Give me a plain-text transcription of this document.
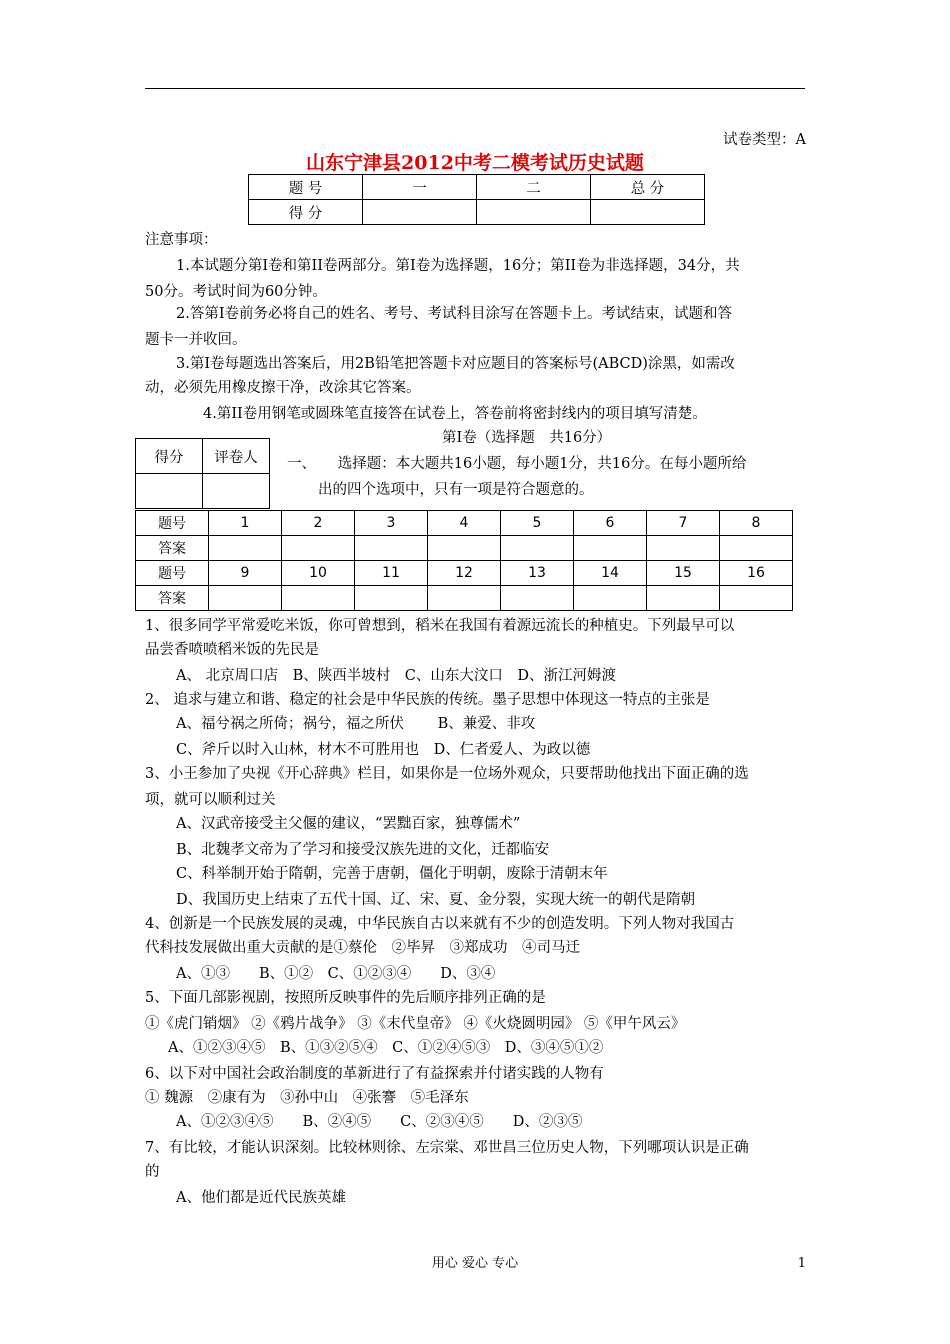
试卷类型：A
山东宁津县2012中考二模考试历史试题
题 号	一	二	总 分
得 分			
注意事项：
1.本试题分第I卷和第II卷两部分。第I卷为选择题，16分；第II卷为非选择题，34分，共
50分。考试时间为60分钟。
2.答第I卷前务必将自己的姓名、考号、考试科目涂写在答题卡上。考试结束，试题和答
题卡一并收回。
3.第I卷每题选出答案后，用2B铅笔把答题卡对应题目的答案标号(ABCD)涂黑，如需改
动，必须先用橡皮擦干净，改涂其它答案。
4.第II卷用钢笔或圆珠笔直接答在试卷上，答卷前将密封线内的项目填写清楚。
得分	评卷人

第Ⅰ卷（选择题　共16分）
一、　　选择题：本大题共16小题，每小题1分，共16分。在每小题所给
出的四个选项中，只有一项是符合题意的。
题号	1	2	3	4	5	6	7	8
答案								
题号	9	10	11	12	13	14	15	16
答案								
1、很多同学平常爱吃米饭，你可曾想到，稻米在我国有着源远流长的种植史。下列最早可以
品尝香喷喷稻米饭的先民是
A、 北京周口店　B、陕西半坡村　C、山东大汶口　D、浙江河姆渡
2、 追求与建立和谐、稳定的社会是中华民族的传统。墨子思想中体现这一特点的主张是
A、福兮祸之所倚；祸兮，福之所伏　　 B、兼爱、非攻
C、斧斤以时入山林，材木不可胜用也　D、仁者爱人、为政以德
3、小王参加了央视《开心辞典》栏目，如果你是一位场外观众，只要帮助他找出下面正确的选
项，就可以顺利过关
A、汉武帝接受主父偃的建议，“罢黜百家，独尊儒术”
B、北魏孝文帝为了学习和接受汉族先进的文化，迁都临安
C、科举制开始于隋朝，完善于唐朝，僵化于明朝，废除于清朝末年
D、我国历史上结束了五代十国、辽、宋、夏、金分裂，实现大统一的朝代是隋朝
4、创新是一个民族发展的灵魂，中华民族自古以来就有不少的创造发明。下列人物对我国古
代科技发展做出重大贡献的是①蔡伦　②毕昇　③郑成功　④司马迁
A、①③　　B、①②　C、①②③④　　D、③④
5、下面几部影视剧，按照所反映事件的先后顺序排列正确的是
①《虎门销烟》 ②《鸦片战争》 ③《末代皇帝》 ④《火烧圆明园》 ⑤《甲午风云》
A、①②③④⑤　B、①③②⑤④　C、①②④⑤③　D、③④⑤①②
6、以下对中国社会政治制度的革新进行了有益探索并付诸实践的人物有
① 魏源　②康有为　③孙中山　④张謇　⑤毛泽东
A、①②③④⑤　　B、②④⑤　　C、②③④⑤　　D、②③⑤
7、有比较，才能认识深刻。比较林则徐、左宗棠、邓世昌三位历史人物，下列哪项认识是正确
的
A、他们都是近代民族英雄
用心 爱心 专心	1
